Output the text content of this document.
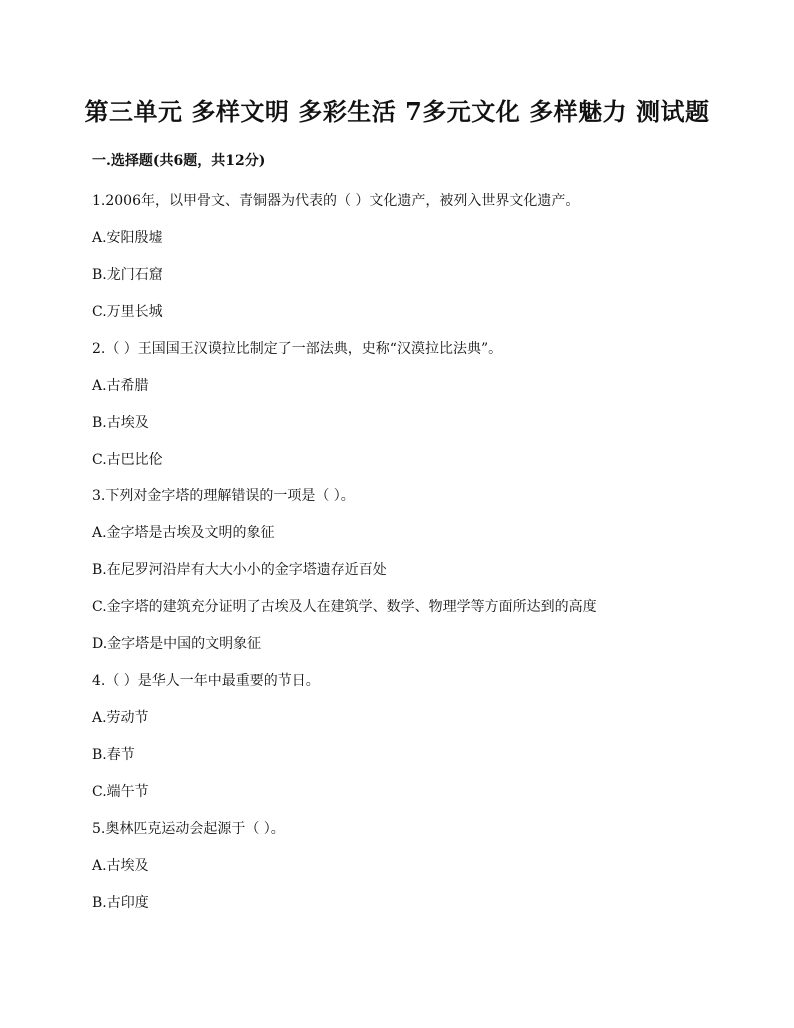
第三单元 多样文明 多彩生活 7多元文化 多样魅力 测试题
一.选择题(共6题，共12分)
1.2006年，以甲骨文、青铜器为代表的（ ）文化遗产，被列入世界文化遗产。
A.安阳殷墟
B.龙门石窟
C.万里长城
2.（ ）王国国王汉谟拉比制定了一部法典，史称“汉漠拉比法典”。
A.古希腊
B.古埃及
C.古巴比伦
3.下列对金字塔的理解错误的一项是（ ）。
A.金字塔是古埃及文明的象征
B.在尼罗河沿岸有大大小小的金字塔遗存近百处
C.金字塔的建筑充分证明了古埃及人在建筑学、数学、物理学等方面所达到的高度
D.金字塔是中国的文明象征
4.（ ）是华人一年中最重要的节日。
A.劳动节
B.春节
C.端午节
5.奥林匹克运动会起源于（ ）。
A.古埃及
B.古印度
